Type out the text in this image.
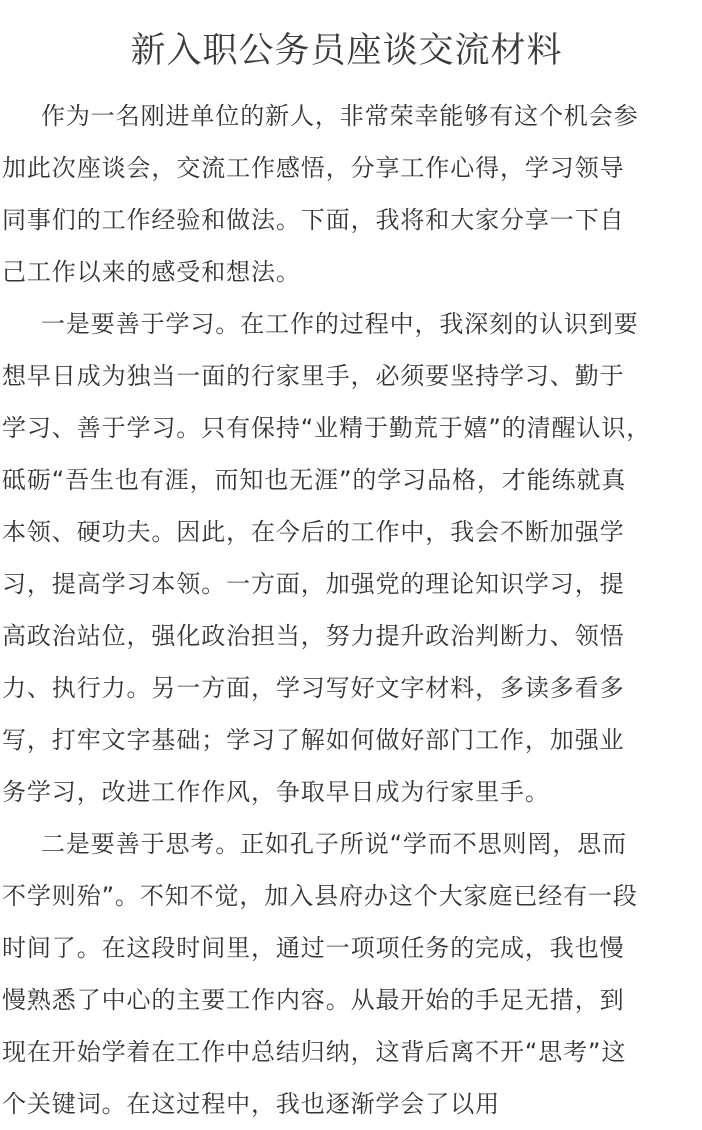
新入职公务员座谈交流材料
作为一名刚进单位的新人，非常荣幸能够有这个机会参
加此次座谈会，交流工作感悟，分享工作心得，学习领导
同事们的工作经验和做法。下面，我将和大家分享一下自
己工作以来的感受和想法。
一是要善于学习。在工作的过程中，我深刻的认识到要
想早日成为独当一面的行家里手，必须要坚持学习、勤于
学习、善于学习。只有保持“业精于勤荒于嬉”的清醒认识，
砥砺“吾生也有涯，而知也无涯”的学习品格，才能练就真
本领、硬功夫。因此，在今后的工作中，我会不断加强学
习，提高学习本领。一方面，加强党的理论知识学习，提
高政治站位，强化政治担当，努力提升政治判断力、领悟
力、执行力。另一方面，学习写好文字材料，多读多看多
写，打牢文字基础；学习了解如何做好部门工作，加强业
务学习，改进工作作风，争取早日成为行家里手。
二是要善于思考。正如孔子所说“学而不思则罔，思而
不学则殆”。不知不觉，加入县府办这个大家庭已经有一段
时间了。在这段时间里，通过一项项任务的完成，我也慢
慢熟悉了中心的主要工作内容。从最开始的手足无措，到
现在开始学着在工作中总结归纳，这背后离不开“思考”这
个关键词。在这过程中，我也逐渐学会了以用
